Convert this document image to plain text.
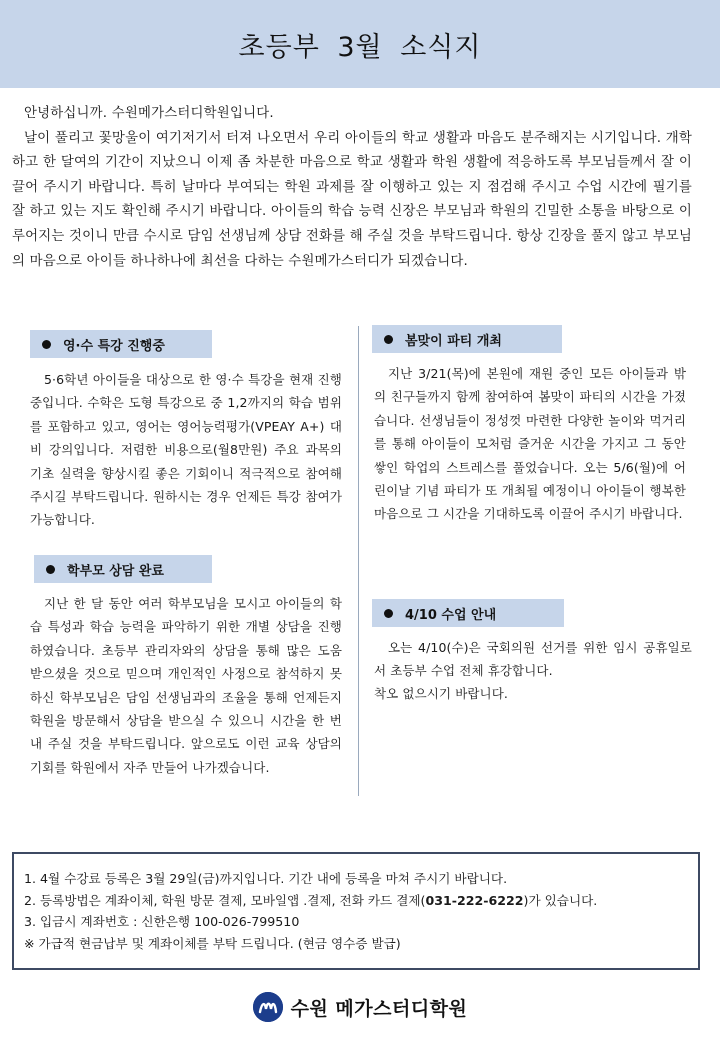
초등부 3월 소식지

안녕하십니까. 수원메가스터디학원입니다.

날이 풀리고 꽃망울이 여기저기서 터져 나오면서 우리 아이들의 학교 생활과 마음도 분주해지는 시기입니다. 개학하고 한 달여의 기간이 지났으니 이제 좀 차분한 마음으로 학교 생활과 학원 생활에 적응하도록 부모님들께서 잘 이끌어 주시기 바랍니다. 특히 날마다 부여되는 학원 과제를 잘 이행하고 있는 지 점검해 주시고 수업 시간에 필기를 잘 하고 있는 지도 확인해 주시기 바랍니다. 아이들의 학습 능력 신장은 부모님과 학원의 긴밀한 소통을 바탕으로 이루어지는 것이니 만큼 수시로 담임 선생님께 상담 전화를 해 주실 것을 부탁드립니다. 항상 긴장을 풀지 않고 부모님의 마음으로 아이들 하나하나에 최선을 다하는 수원메가스터디가 되겠습니다.

영·수 특강 진행중

5·6학년 아이들을 대상으로 한 영·수 특강을 현재 진행중입니다. 수학은 도형 특강으로 중 1,2까지의 학습 범위를 포함하고 있고, 영어는 영어능력평가(VPEAY A+) 대비 강의입니다. 저렴한 비용으로(월8만원) 주요 과목의 기초 실력을 향상시킬 좋은 기회이니 적극적으로 참여해 주시길 부탁드립니다. 원하시는 경우 언제든 특강 참여가 가능합니다.

학부모 상담 완료

지난 한 달 동안 여러 학부모님을 모시고 아이들의 학습 특성과 학습 능력을 파악하기 위한 개별 상담을 진행하였습니다. 초등부 관리자와의 상담을 통해 많은 도움 받으셨을 것으로 믿으며 개인적인 사정으로 참석하지 못하신 학부모님은 담임 선생님과의 조율을 통해 언제든지 학원을 방문해서 상담을 받으실 수 있으니 시간을 한 번 내 주실 것을 부탁드립니다. 앞으로도 이런 교육 상담의 기회를 학원에서 자주 만들어 나가겠습니다.

봄맞이 파티 개최

지난 3/21(목)에 본원에 재원 중인 모든 아이들과 밖의 친구들까지 함께 참여하여 봄맞이 파티의 시간을 가졌습니다. 선생님들이 정성껏 마련한 다양한 놀이와 먹거리를 통해 아이들이 모처럼 즐거운 시간을 가지고 그 동안 쌓인 학업의 스트레스를 풀었습니다. 오는 5/6(월)에 어린이날 기념 파티가 또 개최될 예정이니 아이들이 행복한 마음으로 그 시간을 기대하도록 이끌어 주시기 바랍니다.

4/10 수업 안내

오는 4/10(수)은 국회의원 선거를 위한 임시 공휴일로서 초등부 수업 전체 휴강합니다.

착오 없으시기 바랍니다.

1. 4월 수강료 등록은 3월 29일(금)까지입니다. 기간 내에 등록을 마쳐 주시기 바랍니다.
2. 등록방법은 계좌이체, 학원 방문 결제, 모바일앱 .결제, 전화 카드 결제(031-222-6222)가 있습니다.
3. 입금시 계좌번호 : 신한은행 100-026-799510
※ 가급적 현금납부 및 계좌이체를 부탁 드립니다. (현금 영수증 발급)
수원 메가스터디학원
